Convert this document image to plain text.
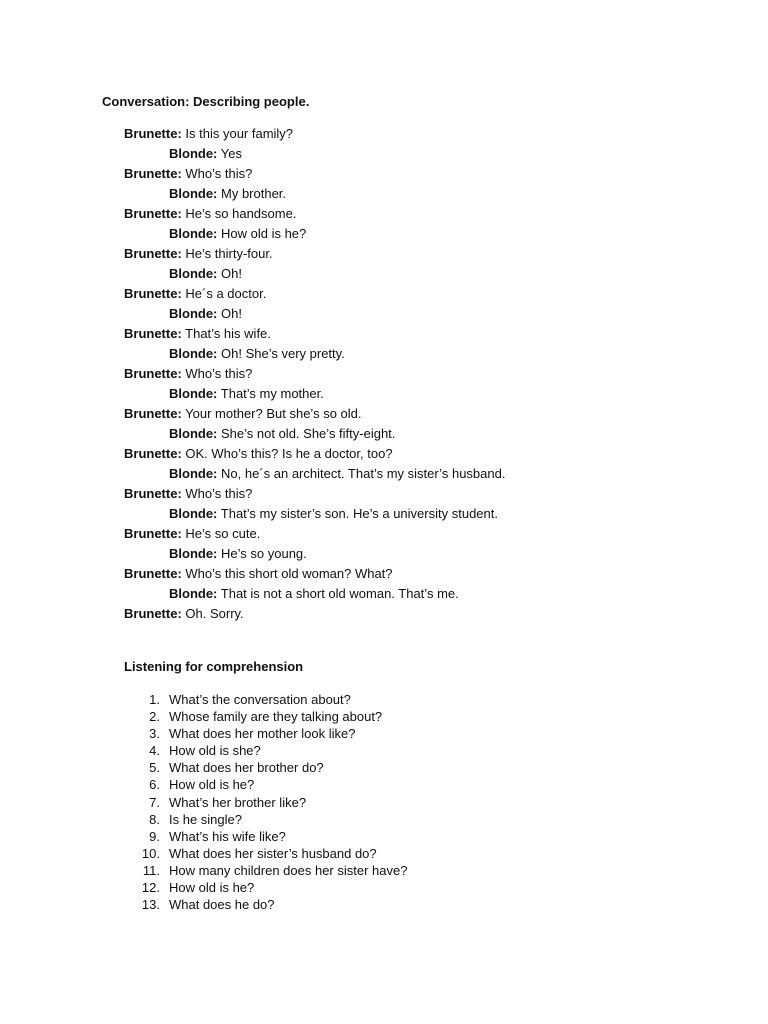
Conversation: Describing people.
Brunette: Is this your family?
Blonde: Yes
Brunette: Who’s this?
Blonde: My brother.
Brunette: He’s so handsome.
Blonde: How old is he?
Brunette: He’s thirty-four.
Blonde: Oh!
Brunette: He´s a doctor.
Blonde: Oh!
Brunette: That’s his wife.
Blonde: Oh! She’s very pretty.
Brunette: Who’s this?
Blonde: That’s my mother.
Brunette: Your mother? But she’s so old.
Blonde: She’s not old. She’s fifty-eight.
Brunette: OK. Who’s this? Is he a doctor, too?
Blonde: No, he´s an architect. That’s my sister’s husband.
Brunette: Who’s this?
Blonde: That’s my sister’s son. He’s a university student.
Brunette: He’s so cute.
Blonde: He’s so young.
Brunette: Who’s this short old woman? What?
Blonde: That is not a short old woman. That’s me.
Brunette: Oh. Sorry.
Listening for comprehension
1. What’s the conversation about?
2. Whose family are they talking about?
3. What does her mother look like?
4. How old is she?
5. What does her brother do?
6. How old is he?
7. What’s her brother like?
8. Is he single?
9. What’s his wife like?
10. What does her sister’s husband do?
11. How many children does her sister have?
12. How old is he?
13. What does he do?
